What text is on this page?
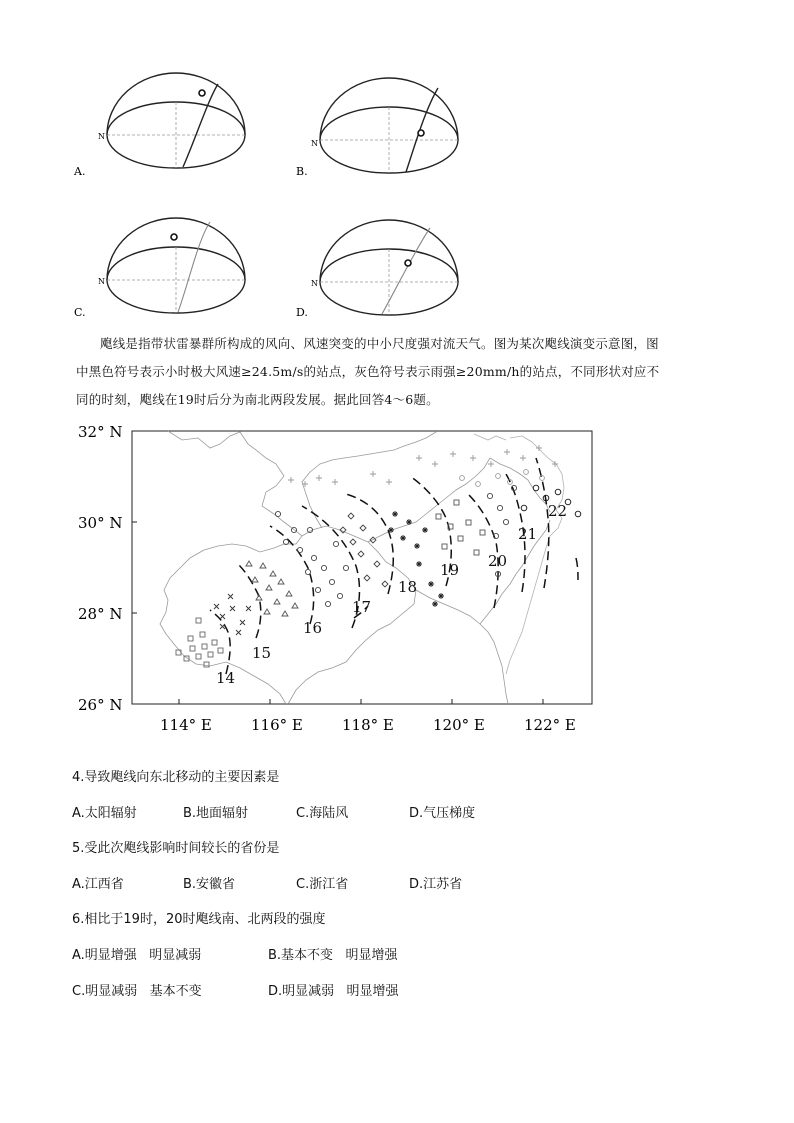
N
A.
N
B.
N
C.
N
D.
飑线是指带状雷暴群所构成的风向、风速突变的中小尺度强对流天气。图为某次飑线演变示意图，图
中黑色符号表示小时极大风速≥24.5m/s的站点，灰色符号表示雨强≥20mm/h的站点，不同形状对应不
同的时刻，飑线在19时后分为南北两段发展。据此回答4～6题。
32° N
30° N
28° N
26° N
114° E	116° E	118° E	120° E	122° E
14
15
16
17
18
19 20
21
22
4.导致飑线向东北移动的主要因素是
A.太阳辐射	B.地面辐射	C.海陆风	D.气压梯度
5.受此次飑线影响时间较长的省份是
A.江西省	B.安徽省	C.浙江省	D.江苏省
6.相比于19时，20时飑线南、北两段的强度
A.明显增强   明显减弱	B.基本不变   明显增强
C.明显减弱   基本不变	D.明显减弱   明显增强
